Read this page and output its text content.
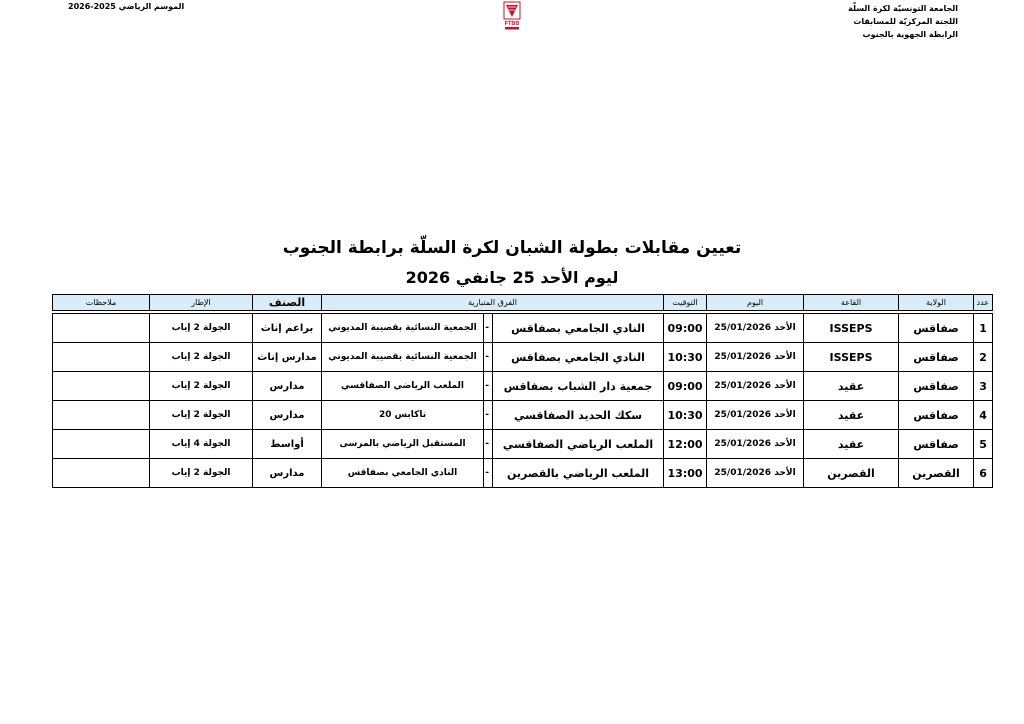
الجامعة التونسيّة لكرة السلّة
اللجنة المركزيّة للمسابقات
الرابطة الجهوية بالجنوب
الموسم الرياضي 2025-2026
FTBB
تعيين مقابلات بطولة الشبان لكرة السلّة برابطة الجنوب
ليوم الأحد 25 جانفي 2026
عدد	الولاية	القاعة	اليوم	التوقيت	الفرق المتبارية			الصنف	الإطار	ملاحظات

1	صفاقس	ISSEPS	الأحد 25/01/2026	09:00	النادي الجامعي بصفاقس	-	الجمعية النسائية بقصيبة المديوني	براعم إناث	الجولة 2 إياب	
2	صفاقس	ISSEPS	الأحد 25/01/2026	10:30	النادي الجامعي بصفاقس	-	الجمعية النسائية بقصيبة المديوني	مدارس إناث	الجولة 2 إياب	
3	صفاقس	عقيد	الأحد 25/01/2026	09:00	جمعية دار الشباب بصفاقس	-	الملعب الرياضي الصفاقسي	مدارس	الجولة 2 إياب	
4	صفاقس	عقيد	الأحد 25/01/2026	10:30	سكك الحديد الصفاقسي	-	تاكابس 20	مدارس	الجولة 2 إياب	
5	صفاقس	عقيد	الأحد 25/01/2026	12:00	الملعب الرياضي الصفاقسي	-	المستقبل الرياضي بالمرسى	أواسط	الجولة 4 إياب	
6	القصرين	القصرين	الأحد 25/01/2026	13:00	الملعب الرياضي بالقصرين	-	النادي الجامعي بصفاقس	مدارس	الجولة 2 إياب	
